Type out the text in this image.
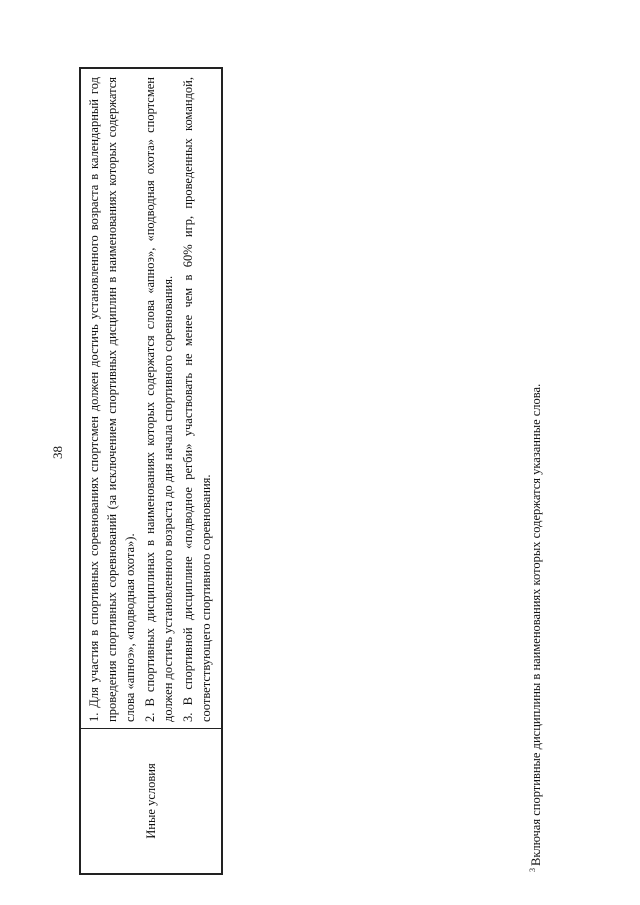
38
Иные условия

1. Для участия в спортивных соревнованиях спортсмен должен достичь установленного возраста в календарный год проведения спортивных соревнований (за исключением спортивных дисциплин в наименованиях которых содержатся слова «апноэ», «подводная охота»). 2. В спортивных дисциплинах в наименованиях которых содержатся слова «апноэ», «подводная охота» спортсмен должен достичь установленного возраста до дня начала спортивного соревнования. 3. В спортивной дисциплине «подводное регби» участвовать не менее чем в 60% игр, проведенных командой, соответствующего спортивного соревнования.

$^3$Включая спортивные дисциплины в наименованиях которых содержатся указанные слова.
